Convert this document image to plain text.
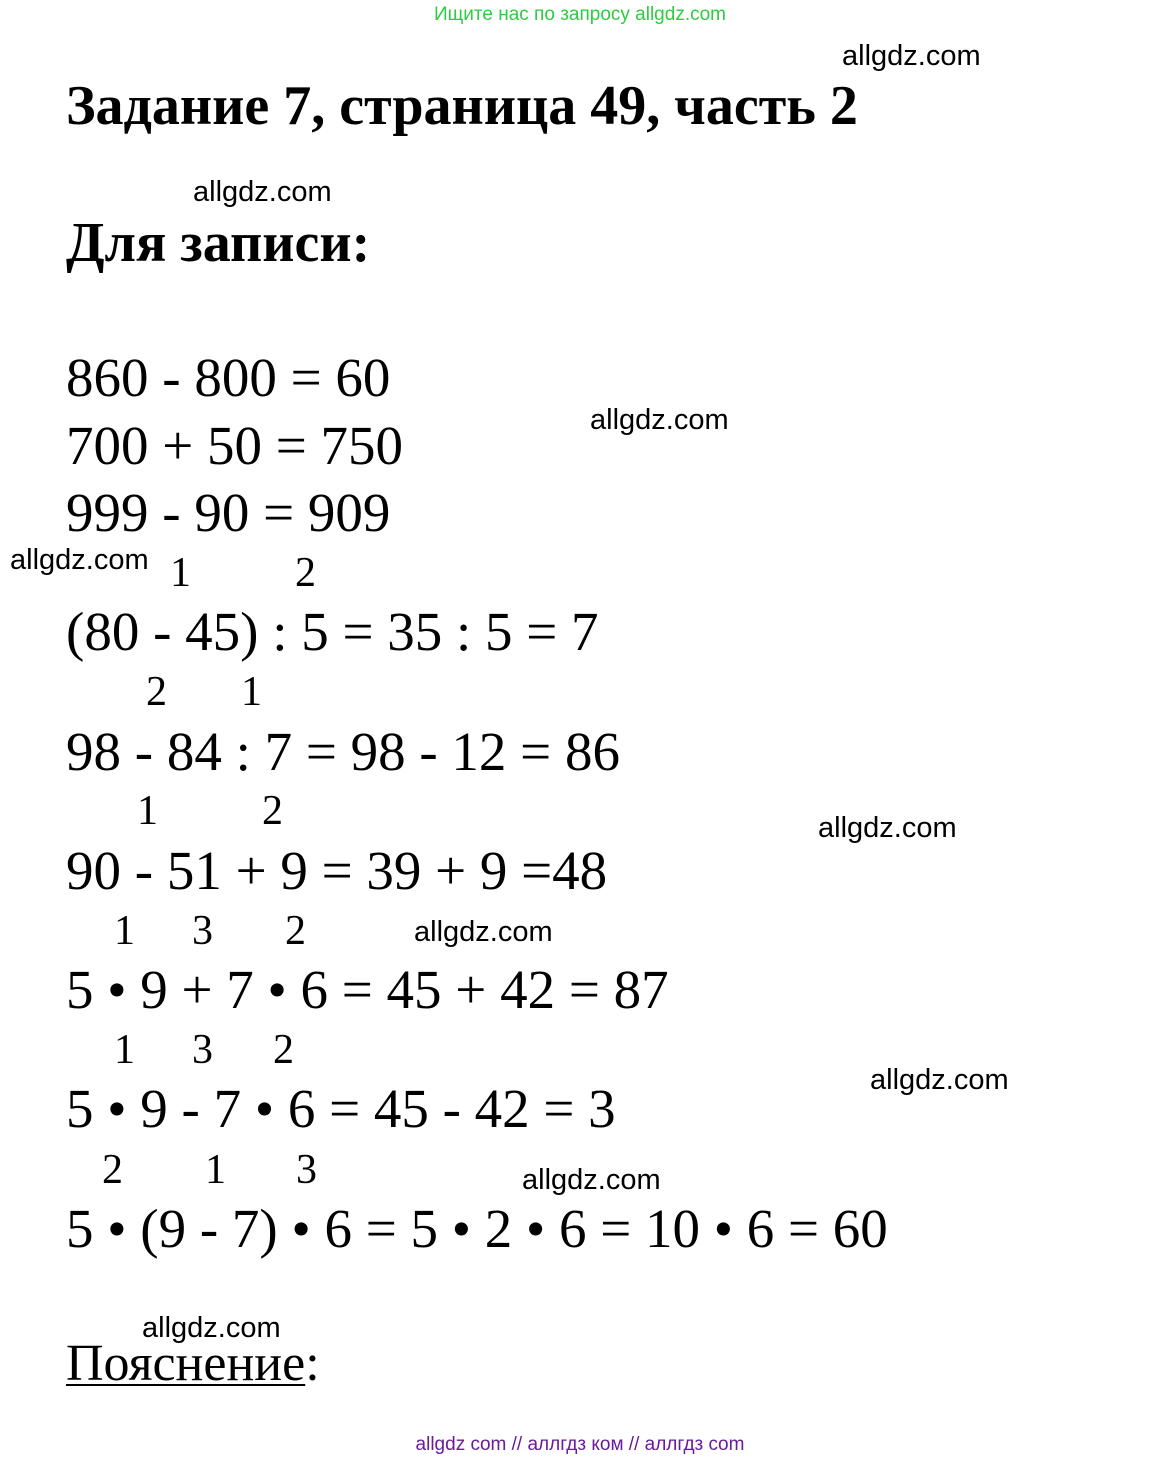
Ищите нас по запросу allgdz.com
allgdz.com
allgdz.com
allgdz.com
allgdz.com
allgdz.com
allgdz.com
allgdz.com
allgdz.com
allgdz.com
Задание 7, страница 49, часть 2
Для записи:
860 - 800 = 60
700 + 50 = 750
999 - 90 = 909
1 2
(80 - 45) : 5 = 35 : 5 = 7
2 1
98 - 84 : 7 = 98 - 12 = 86
1 2
90 - 51 + 9 = 39 + 9 =48
1 3 2
5 • 9 + 7 • 6 = 45 + 42 = 87
1 3 2
5 • 9 - 7 • 6 = 45 - 42 = 3
2 1 3
5 • (9 - 7) • 6 = 5 • 2 • 6 = 10 • 6 = 60
Пояснение:
allgdz com // аллгдз ком // аллгдз com
